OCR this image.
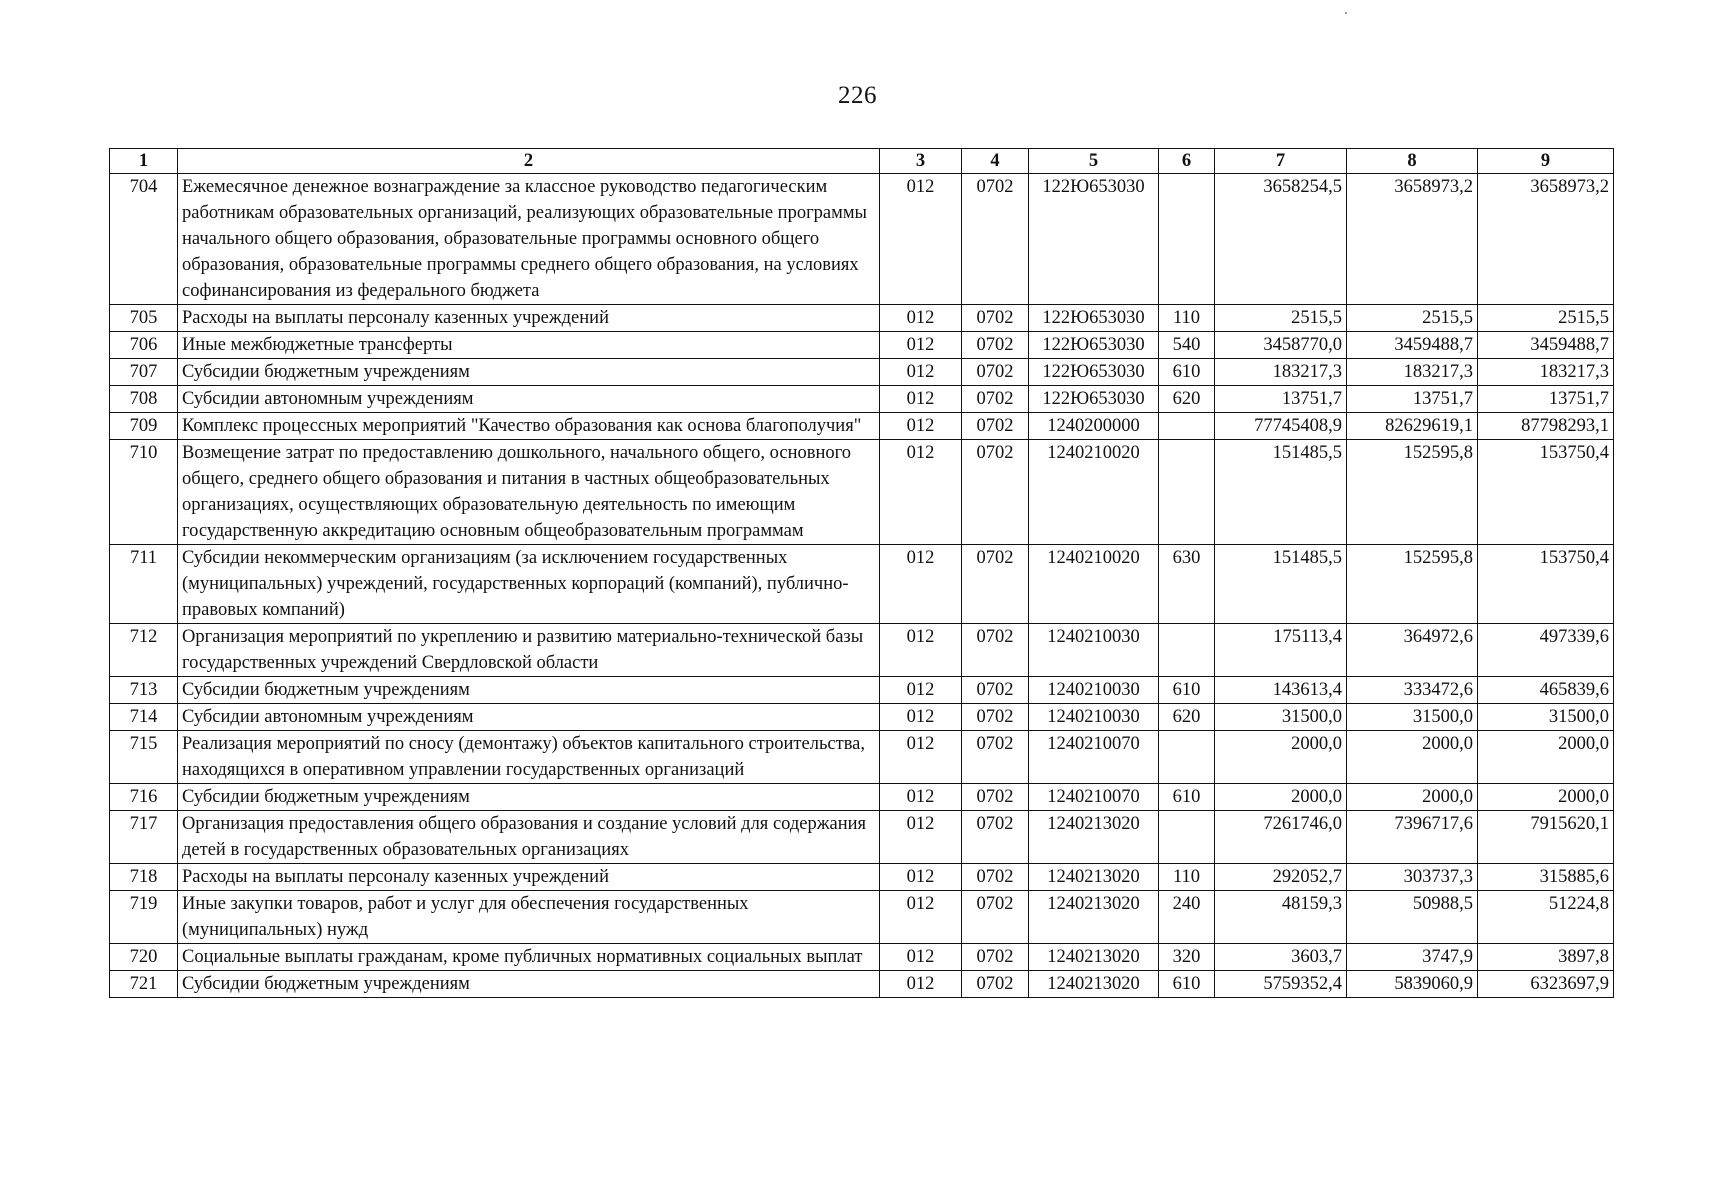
226
1	2	3	4	5	6	7	8	9
704	Ежемесячное денежное вознаграждение за классное руководство педагогическим работникам образовательных организаций, реализующих образовательные программы начального общего образования, образовательные программы основного общего образования, образовательные программы среднего общего образования, на условиях софинансирования из федерального бюджета	012	0702	122Ю653030		3658254,5	3658973,2	3658973,2
705	Расходы на выплаты персоналу казенных учреждений	012	0702	122Ю653030	110	2515,5	2515,5	2515,5
706	Иные межбюджетные трансферты	012	0702	122Ю653030	540	3458770,0	3459488,7	3459488,7
707	Субсидии бюджетным учреждениям	012	0702	122Ю653030	610	183217,3	183217,3	183217,3
708	Субсидии автономным учреждениям	012	0702	122Ю653030	620	13751,7	13751,7	13751,7
709	Комплекс процессных мероприятий "Качество образования как основа благополучия"	012	0702	1240200000		77745408,9	82629619,1	87798293,1
710	Возмещение затрат по предоставлению дошкольного, начального общего, основного общего, среднего общего образования и питания в частных общеобразовательных организациях, осуществляющих образовательную деятельность по имеющим государственную аккредитацию основным общеобразовательным программам	012	0702	1240210020		151485,5	152595,8	153750,4
711	Субсидии некоммерческим организациям (за исключением государственных (муниципальных) учреждений, государственных корпораций (компаний), публично-правовых компаний)	012	0702	1240210020	630	151485,5	152595,8	153750,4
712	Организация мероприятий по укреплению и развитию материально-технической базы государственных учреждений Свердловской области	012	0702	1240210030		175113,4	364972,6	497339,6
713	Субсидии бюджетным учреждениям	012	0702	1240210030	610	143613,4	333472,6	465839,6
714	Субсидии автономным учреждениям	012	0702	1240210030	620	31500,0	31500,0	31500,0
715	Реализация мероприятий по сносу (демонтажу) объектов капитального строительства, находящихся в оперативном управлении государственных организаций	012	0702	1240210070		2000,0	2000,0	2000,0
716	Субсидии бюджетным учреждениям	012	0702	1240210070	610	2000,0	2000,0	2000,0
717	Организация предоставления общего образования и создание условий для содержания детей в государственных образовательных организациях	012	0702	1240213020		7261746,0	7396717,6	7915620,1
718	Расходы на выплаты персоналу казенных учреждений	012	0702	1240213020	110	292052,7	303737,3	315885,6
719	Иные закупки товаров, работ и услуг для обеспечения государственных (муниципальных) нужд	012	0702	1240213020	240	48159,3	50988,5	51224,8
720	Социальные выплаты гражданам, кроме публичных нормативных социальных выплат	012	0702	1240213020	320	3603,7	3747,9	3897,8
721	Субсидии бюджетным учреждениям	012	0702	1240213020	610	5759352,4	5839060,9	6323697,9
